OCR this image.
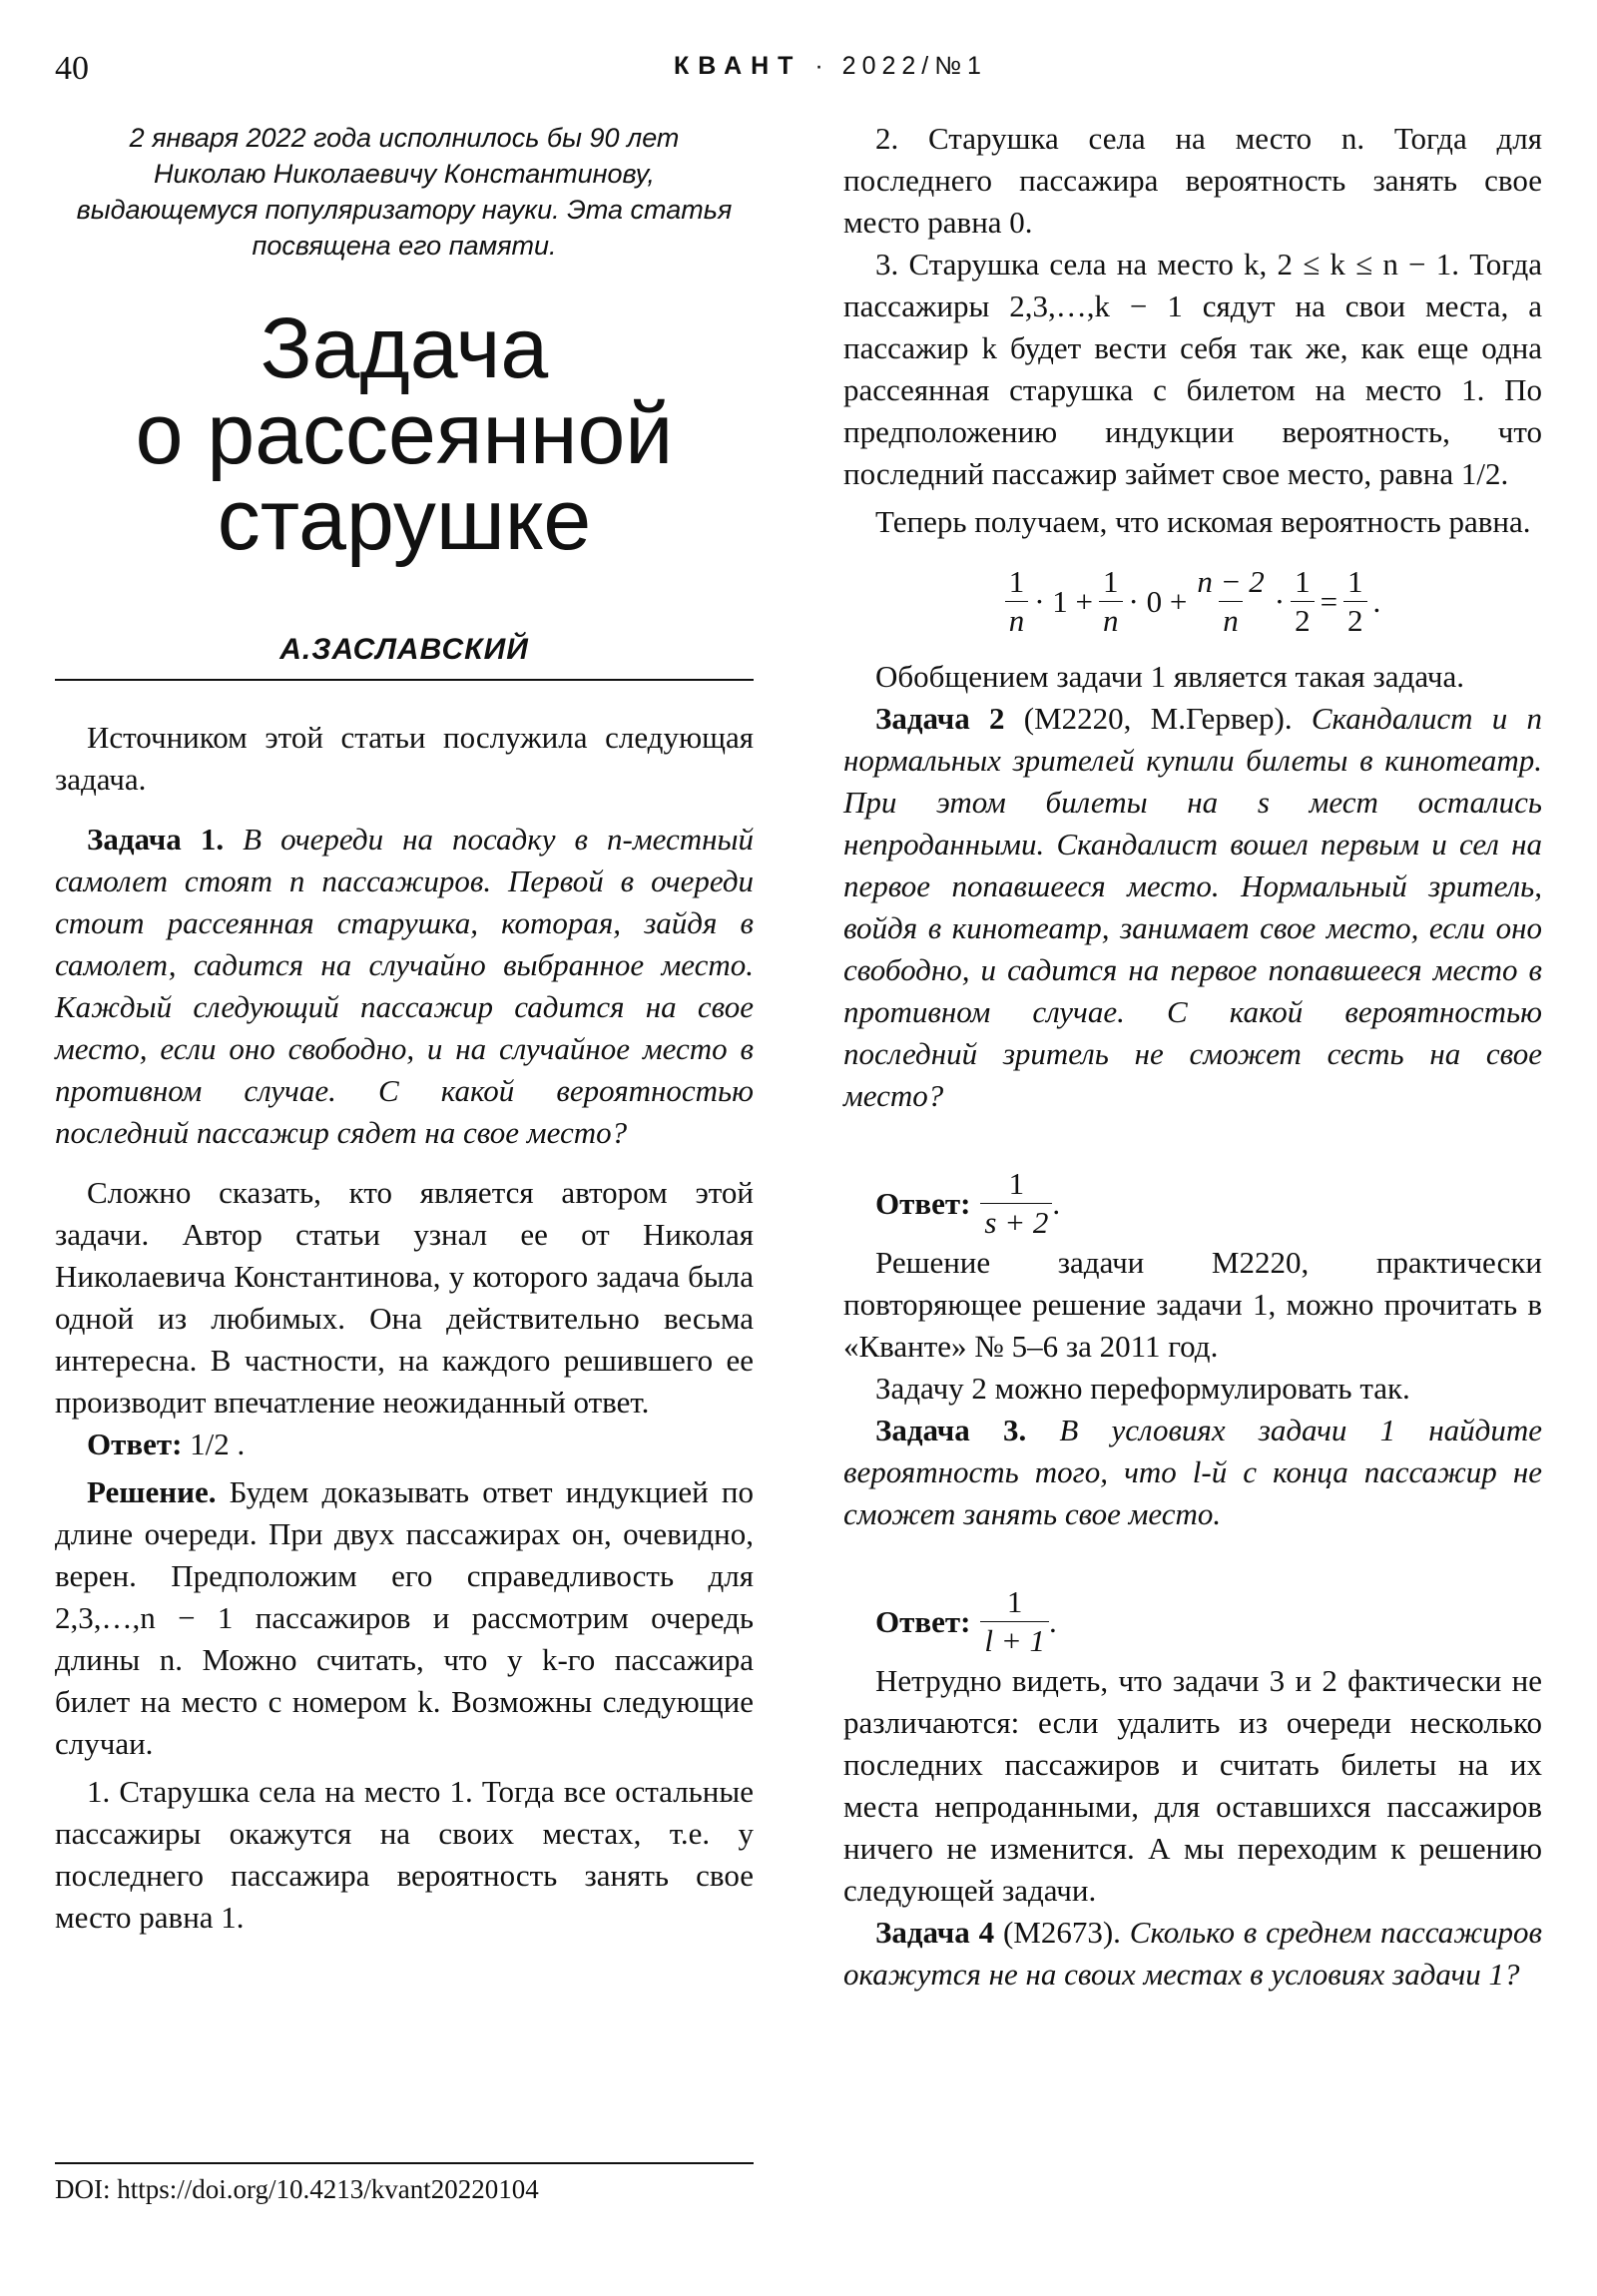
40	КВАНТ · 2022/№1
2 января 2022 года исполнилось бы 90 лет Николаю Николаевичу Константинову, выдающемуся популяризатору науки. Эта статья посвящена его памяти.
Задача
о рассеянной
старушке
А.ЗАСЛАВСКИЙ

Источником этой статьи послужила следующая задача.

Задача 1. В очереди на посадку в n-местный самолет стоят n пассажиров. Первой в очереди стоит рассеянная старушка, которая, зайдя в самолет, садится на случайно выбранное место. Каждый следующий пассажир садится на свое место, если оно свободно, и на случайное место в противном случае. С какой вероятностью последний пассажир сядет на свое место?

Сложно сказать, кто является автором этой задачи. Автор статьи узнал ее от Николая Николаевича Константинова, у которого задача была одной из любимых. Она действительно весьма интересна. В частности, на каждого решившего ее производит впечатление неожиданный ответ.

Ответ: 1/2 .

Решение. Будем доказывать ответ индукцией по длине очереди. При двух пассажирах он, очевидно, верен. Предположим его справедливость для 2,3,…,n − 1 пассажиров и рассмотрим очередь длины n. Можно считать, что у k-го пассажира билет на место с номером k. Возможны следующие случаи.

1. Старушка села на место 1. Тогда все остальные пассажиры окажутся на своих местах, т.е. у последнего пассажира вероятность занять свое место равна 1.

2. Старушка села на место n. Тогда для последнего пассажира вероятность занять свое место равна 0.

3. Старушка села на место k, 2 ≤ k ≤ n − 1. Тогда пассажиры 2,3,…,k − 1 сядут на свои места, а пассажир k будет вести себя так же, как еще одна рассеянная старушка с билетом на место 1. По предположению индукции вероятность, что последний пассажир займет свое место, равна 1/2.

Теперь получаем, что искомая вероятность равна.

$\frac{1}{n} \cdot 1 + \frac{1}{n} \cdot 0 + \frac{n - 2}{n} \cdot \frac{1}{2} = \frac{1}{2}$ .

Обобщением задачи 1 является такая задача.

Задача 2 (М2220, М.Гервер). Скандалист и n нормальных зрителей купили билеты в кинотеатр. При этом билеты на s мест остались непроданными. Скандалист вошел первым и сел на первое попавшееся место. Нормальный зритель, войдя в кинотеатр, занимает свое место, если оно свободно, и садится на первое попавшееся место в противном случае. С какой вероятностью последний зритель не сможет сесть на свое место?

Ответ: $\frac{1}{s + 2}$ .

Решение задачи М2220, практически повторяющее решение задачи 1, можно прочитать в «Кванте» № 5–6 за 2011 год.

Задачу 2 можно переформулировать так.

Задача 3. В условиях задачи 1 найдите вероятность того, что l-й с конца пассажир не сможет занять свое место.

Ответ: $\frac{1}{l + 1}$ .

Нетрудно видеть, что задачи 3 и 2 фактически не различаются: если удалить из очереди несколько последних пассажиров и считать билеты на их места непроданными, для оставшихся пассажиров ничего не изменится. А мы переходим к решению следующей задачи.

Задача 4 (М2673). Сколько в среднем пассажиров окажутся не на своих местах в условиях задачи 1?

DOI: https://doi.org/10.4213/kvant20220104
